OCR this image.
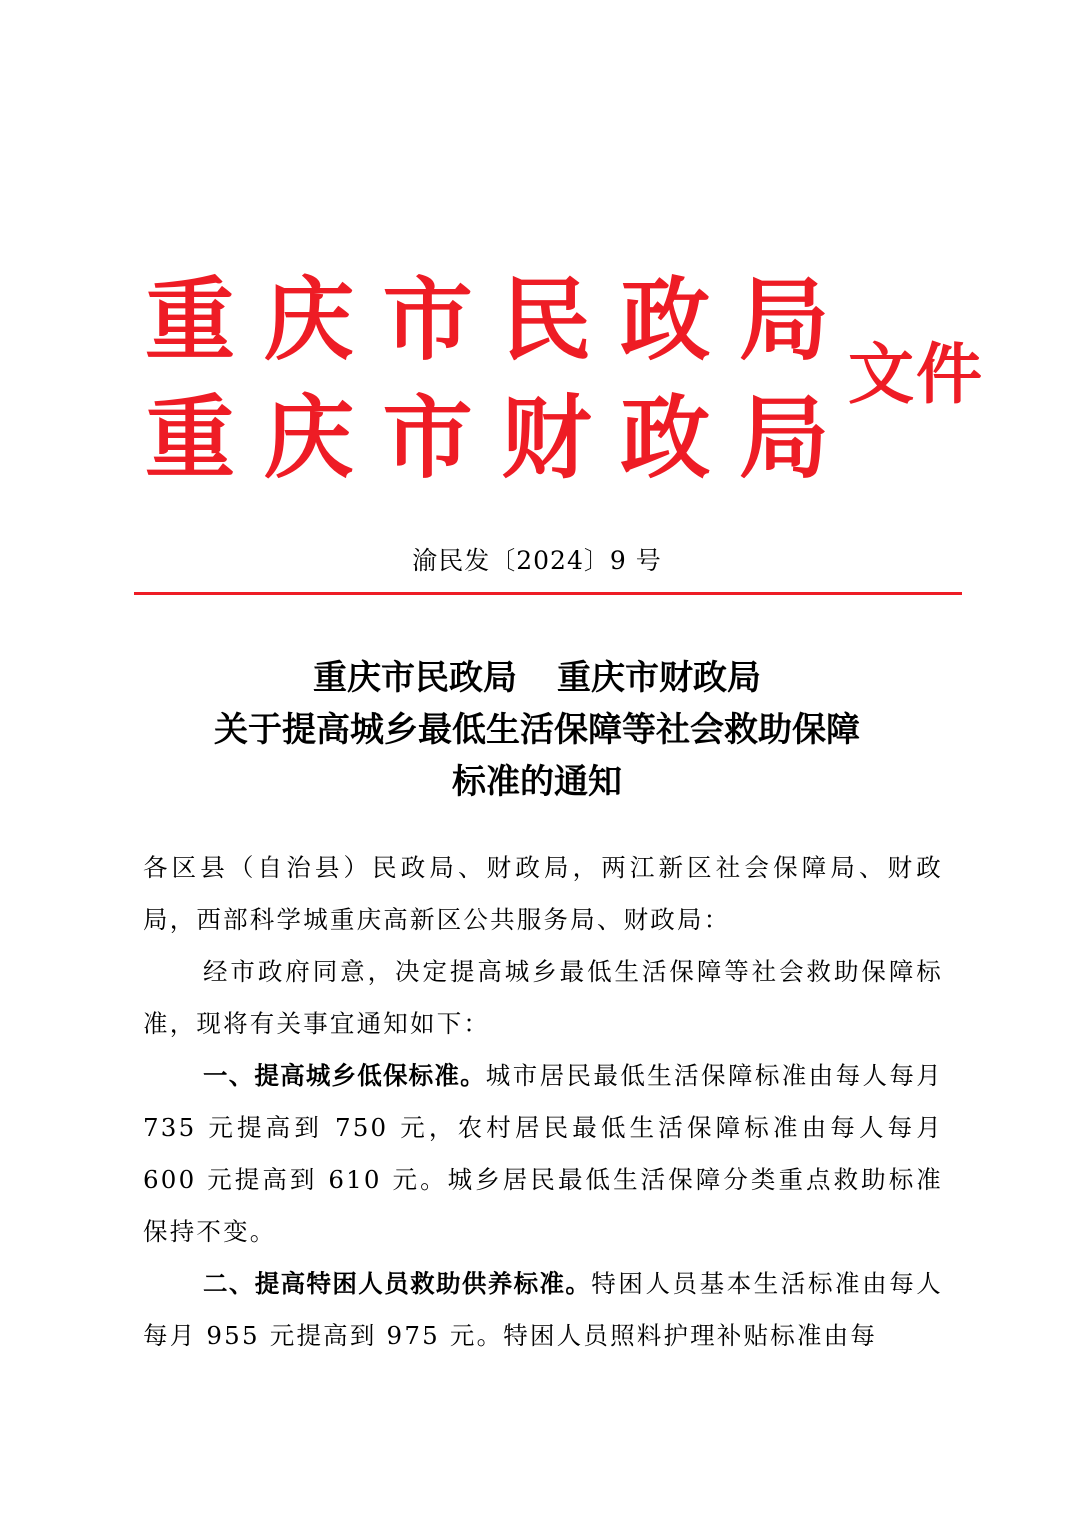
重 庆 市 民 政 局
重 庆 市 财 政 局
文件
渝民发〔2024〕9 号
重庆市民政局 重庆市财政局
关于提高城乡最低生活保障等社会救助保障
标准的通知

各区县（自治县）民政局、财政局，两江新区社会保障局、财政局，西部科学城重庆高新区公共服务局、财政局：

经市政府同意，决定提高城乡最低生活保障等社会救助保障标准，现将有关事宜通知如下：

一、提高城乡低保标准。城市居民最低生活保障标准由每人每月 735 元提高到 750 元，农村居民最低生活保障标准由每人每月 600 元提高到 610 元。城乡居民最低生活保障分类重点救助标准保持不变。

二、提高特困人员救助供养标准。特困人员基本生活标准由每人每月 955 元提高到 975 元。特困人员照料护理补贴标准由每
